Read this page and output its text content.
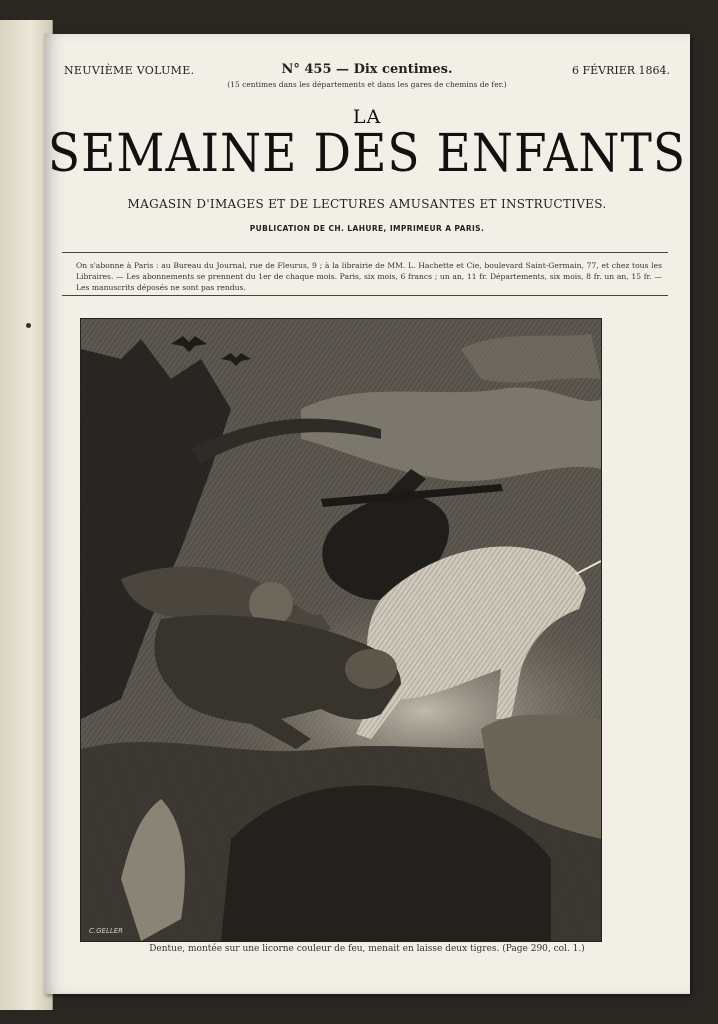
NEUVIÈME VOLUME.	N° 455 — Dix centimes.	6 FÉVRIER 1864.
(15 centimes dans les départements et dans les gares de chemins de fer.)
LA
SEMAINE DES ENFANTS
MAGASIN D'IMAGES ET DE LECTURES AMUSANTES ET INSTRUCTIVES.
PUBLICATION DE CH. LAHURE, IMPRIMEUR A PARIS.
On s'abonne à Paris : au Bureau du Journal, rue de Fleurus, 9 ; à la librairie de MM. L. Hachette et Cie, boulevard Saint-Germain, 77, et chez tous les Libraires. — Les abonnements se prennent du 1er de chaque mois. Paris, six mois, 6 francs ; un an, 11 fr. Départements, six mois, 8 fr. un an, 15 fr. — Les manuscrits déposés ne sont pas rendus.
C.GELLER
Dentue, montée sur une licorne couleur de feu, menait en laisse deux tigres. (Page 290, col. 1.)
